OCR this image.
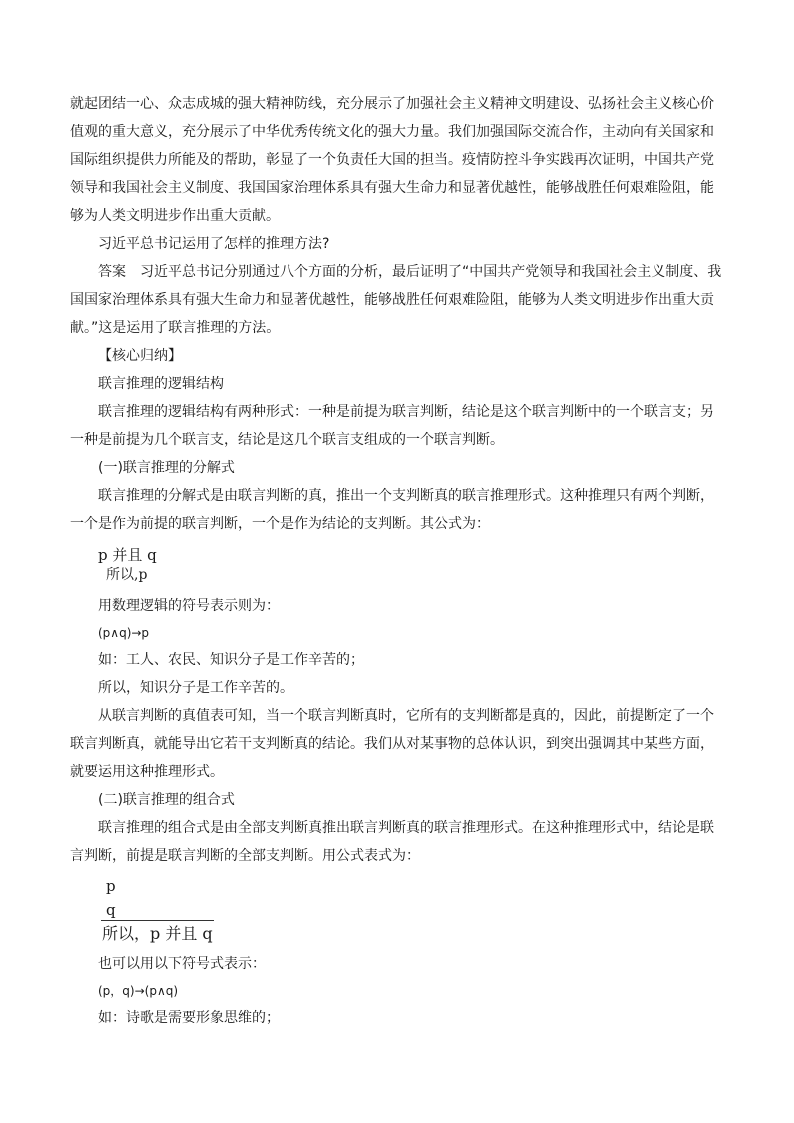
就起团结一心、众志成城的强大精神防线，充分展示了加强社会主义精神文明建设、弘扬社会主义核心价值观的重大意义，充分展示了中华优秀传统文化的强大力量。我们加强国际交流合作，主动向有关国家和国际组织提供力所能及的帮助，彰显了一个负责任大国的担当。疫情防控斗争实践再次证明，中国共产党领导和我国社会主义制度、我国国家治理体系具有强大生命力和显著优越性，能够战胜任何艰难险阻，能够为人类文明进步作出重大贡献。

习近平总书记运用了怎样的推理方法?

答案  习近平总书记分别通过八个方面的分析，最后证明了“中国共产党领导和我国社会主义制度、我国国家治理体系具有强大生命力和显著优越性，能够战胜任何艰难险阻，能够为人类文明进步作出重大贡献。”这是运用了联言推理的方法。

【核心归纳】

联言推理的逻辑结构

联言推理的逻辑结构有两种形式：一种是前提为联言判断，结论是这个联言判断中的一个联言支；另一种是前提为几个联言支，结论是这几个联言支组成的一个联言判断。

(一)联言推理的分解式

联言推理的分解式是由联言判断的真，推出一个支判断真的联言推理形式。这种推理只有两个判断，一个是作为前提的联言判断，一个是作为结论的支判断。其公式为：

p 并且 q

所以,p

用数理逻辑的符号表示则为：

(p∧q)→p

如：工人、农民、知识分子是工作辛苦的；

所以，知识分子是工作辛苦的。

从联言判断的真值表可知，当一个联言判断真时，它所有的支判断都是真的，因此，前提断定了一个联言判断真，就能导出它若干支判断真的结论。我们从对某事物的总体认识，到突出强调其中某些方面，就要运用这种推理形式。

(二)联言推理的组合式

联言推理的组合式是由全部支判断真推出联言判断真的联言推理形式。在这种推理形式中，结论是联言判断，前提是联言判断的全部支判断。用公式表式为：

p
q
所以，p 并且 q

也可以用以下符号式表示：

(p，q)→(p∧q)

如：诗歌是需要形象思维的；
